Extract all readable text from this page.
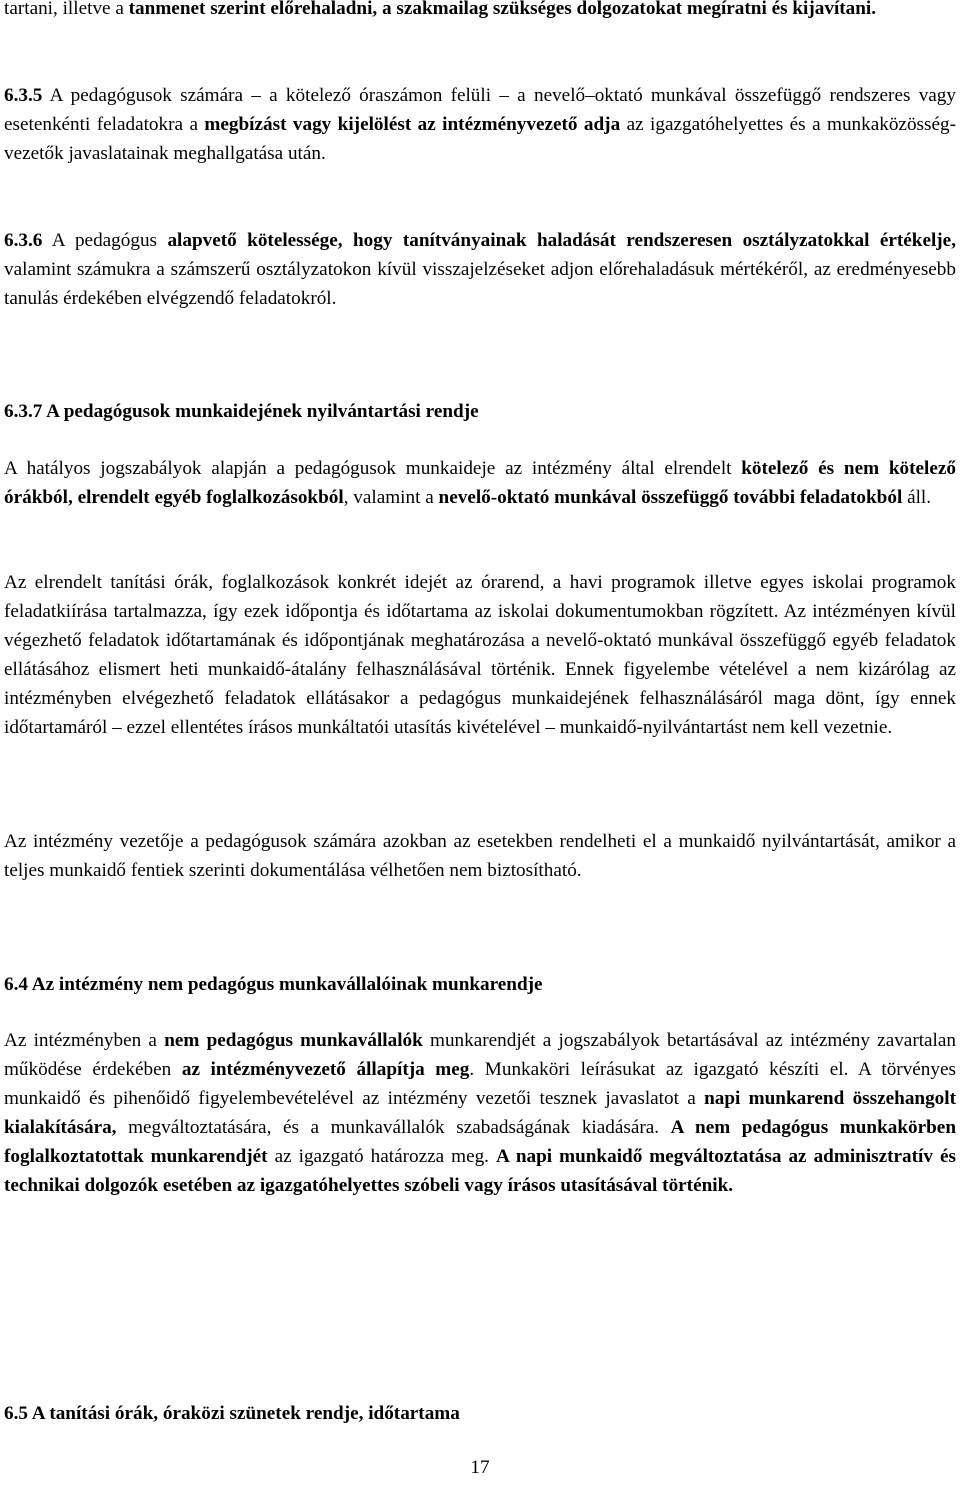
tartani, illetve a tanmenet szerint előrehaladni, a szakmailag szükséges dolgozatokat megíratni és kijavítani.

6.3.5 A pedagógusok számára – a kötelező óraszámon felüli – a nevelő–oktató munkával összefüggő rendszeres vagy esetenkénti feladatokra a megbízást vagy kijelölést az intézményvezető adja az igazgatóhelyettes és a munkaközösség-vezetők javaslatainak meghallgatása után.

6.3.6 A pedagógus alapvető kötelessége, hogy tanítványainak haladását rendszeresen osztályzatokkal értékelje, valamint számukra a számszerű osztályzatokon kívül visszajelzéseket adjon előrehaladásuk mértékéről, az eredményesebb tanulás érdekében elvégzendő feladatokról.

6.3.7 A pedagógusok munkaidejének nyilvántartási rendje

A hatályos jogszabályok alapján a pedagógusok munkaideje az intézmény által elrendelt kötelező és nem kötelező órákból, elrendelt egyéb foglalkozásokból, valamint a nevelő-oktató munkával összefüggő további feladatokból áll.

Az elrendelt tanítási órák, foglalkozások konkrét idejét az órarend, a havi programok illetve egyes iskolai programok feladatkiírása tartalmazza, így ezek időpontja és időtartama az iskolai dokumentumokban rögzített. Az intézményen kívül végezhető feladatok időtartamának és időpontjának meghatározása a nevelő-oktató munkával összefüggő egyéb feladatok ellátásához elismert heti munkaidő-átalány felhasználásával történik. Ennek figyelembe vételével a nem kizárólag az intézményben elvégezhető feladatok ellátásakor a pedagógus munkaidejének felhasználásáról maga dönt, így ennek időtartamáról – ezzel ellentétes írásos munkáltatói utasítás kivételével – munkaidő-nyilvántartást nem kell vezetnie.

Az intézmény vezetője a pedagógusok számára azokban az esetekben rendelheti el a munkaidő nyilvántartását, amikor a teljes munkaidő fentiek szerinti dokumentálása vélhetően nem biztosítható.

6.4 Az intézmény nem pedagógus munkavállalóinak munkarendje

Az intézményben a nem pedagógus munkavállalók munkarendjét a jogszabályok betartásával az intézmény zavartalan működése érdekében az intézményvezető állapítja meg. Munkaköri leírásukat az igazgató készíti el. A törvényes munkaidő és pihenőidő figyelembevételével az intézmény vezetői tesznek javaslatot a napi munkarend összehangolt kialakítására, megváltoztatására, és a munkavállalók szabadságának kiadására. A nem pedagógus munkakörben foglalkoztatottak munkarendjét az igazgató határozza meg. A napi munkaidő megváltoztatása az adminisztratív és technikai dolgozók esetében az igazgatóhelyettes szóbeli vagy írásos utasításával történik.

6.5 A tanítási órák, óraközi szünetek rendje, időtartama

17
